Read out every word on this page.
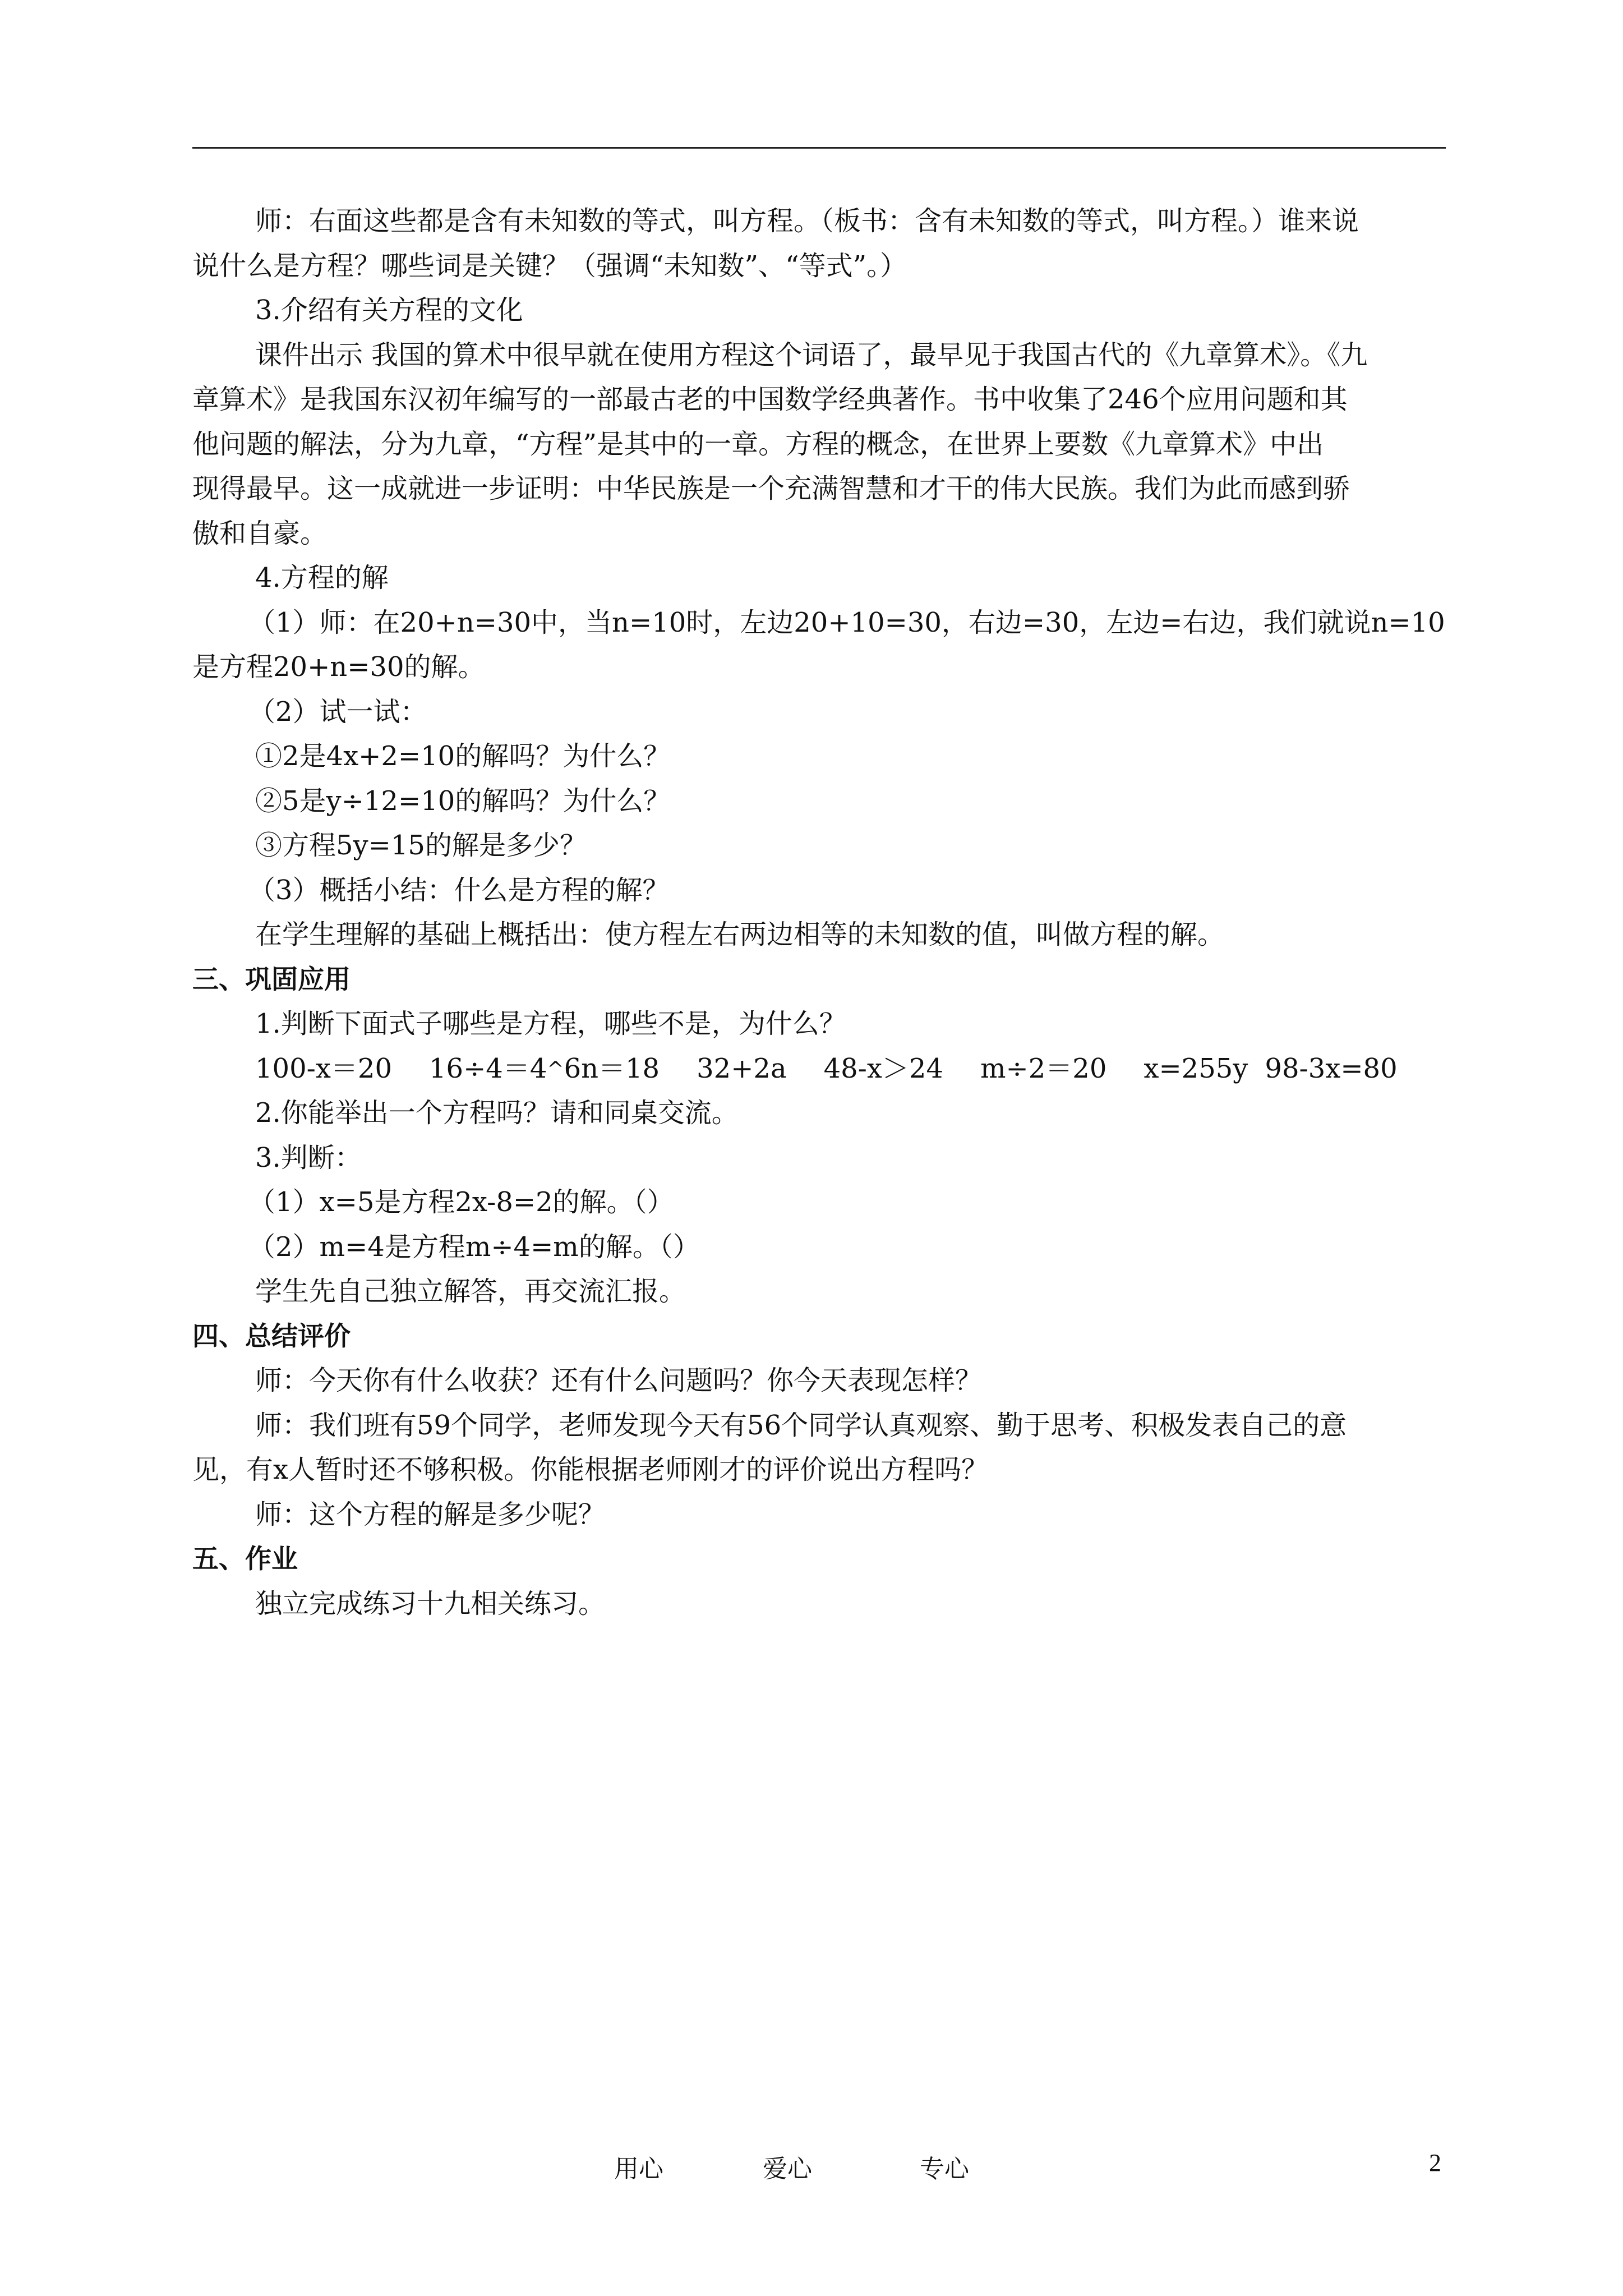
师：右面这些都是含有未知数的等式，叫方程。（板书：含有未知数的等式，叫方程。）谁来说
说什么是方程？哪些词是关键？（强调“未知数”、“等式”。）
3.介绍有关方程的文化
课件出示 我国的算术中很早就在使用方程这个词语了，最早见于我国古代的《九章算术》。《九
章算术》是我国东汉初年编写的一部最古老的中国数学经典著作。书中收集了246个应用问题和其
他问题的解法，分为九章，“方程”是其中的一章。方程的概念，在世界上要数《九章算术》中出
现得最早。这一成就进一步证明：中华民族是一个充满智慧和才干的伟大民族。我们为此而感到骄
傲和自豪。
4.方程的解
（1）师：在20+n=30中，当n=10时，左边20+10=30，右边=30，左边=右边，我们就说n=10
是方程20+n=30的解。
（2）试一试：
①2是4x+2=10的解吗？为什么？
②5是y÷12=10的解吗？为什么？
③方程5y=15的解是多少？
（3）概括小结：什么是方程的解？
在学生理解的基础上概括出：使方程左右两边相等的未知数的值，叫做方程的解。
三、巩固应用
1.判断下面式子哪些是方程，哪些不是，为什么？
100-x＝20 16÷4＝4^6n＝18 32+2a 48-x＞24 m÷2＝20 x=255y 98-3x=80
2.你能举出一个方程吗？请和同桌交流。
3.判断：
（1）x=5是方程2x-8=2的解。（）
（2）m=4是方程m÷4=m的解。（）
学生先自己独立解答，再交流汇报。
四、总结评价
师：今天你有什么收获？还有什么问题吗？你今天表现怎样？
师：我们班有59个同学，老师发现今天有56个同学认真观察、勤于思考、积极发表自己的意
见，有x人暂时还不够积极。你能根据老师刚才的评价说出方程吗？
师：这个方程的解是多少呢？
五、作业
独立完成练习十九相关练习。
用心	爱心	专心	2
